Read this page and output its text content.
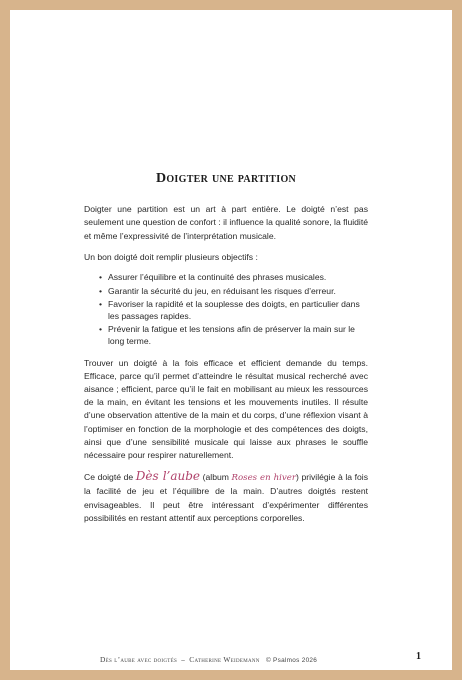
Doigter une partition

Doigter une partition est un art à part entière. Le doigté n’est pas seulement une question de confort : il influence la qualité sonore, la fluidité et même l’expressivité de l’interprétation musicale.

Un bon doigté doit remplir plusieurs objectifs :

• Assurer l’équilibre et la continuité des phrases musicales.
• Garantir la sécurité du jeu, en réduisant les risques d’erreur.
• Favoriser la rapidité et la souplesse des doigts, en particulier dans les passages rapides.
• Prévenir la fatigue et les tensions afin de préserver la main sur le long terme.

Trouver un doigté à la fois efficace et efficient demande du temps. Efficace, parce qu’il permet d’atteindre le résultat musical recherché avec aisance ; efficient, parce qu’il le fait en mobilisant au mieux les ressources de la main, en évitant les tensions et les mouvements inutiles. Il résulte d’une observation attentive de la main et du corps, d’une réflexion visant à l’optimiser en fonction de la morphologie et des compétences des doigts, ainsi que d’une sensibilité musicale qui laisse aux phrases le souffle nécessaire pour respirer naturellement.

Ce doigté de Dès l’aube (album Roses en hiver) privilégie à la fois la facilité de jeu et l’équilibre de la main. D’autres doigtés restent envisageables. Il peut être intéressant d’expérimenter différentes possibilités en restant attentif aux perceptions corporelles.

Dès l’aube avec doigtés – Catherine Weidemann © Psalmos 2026	1
